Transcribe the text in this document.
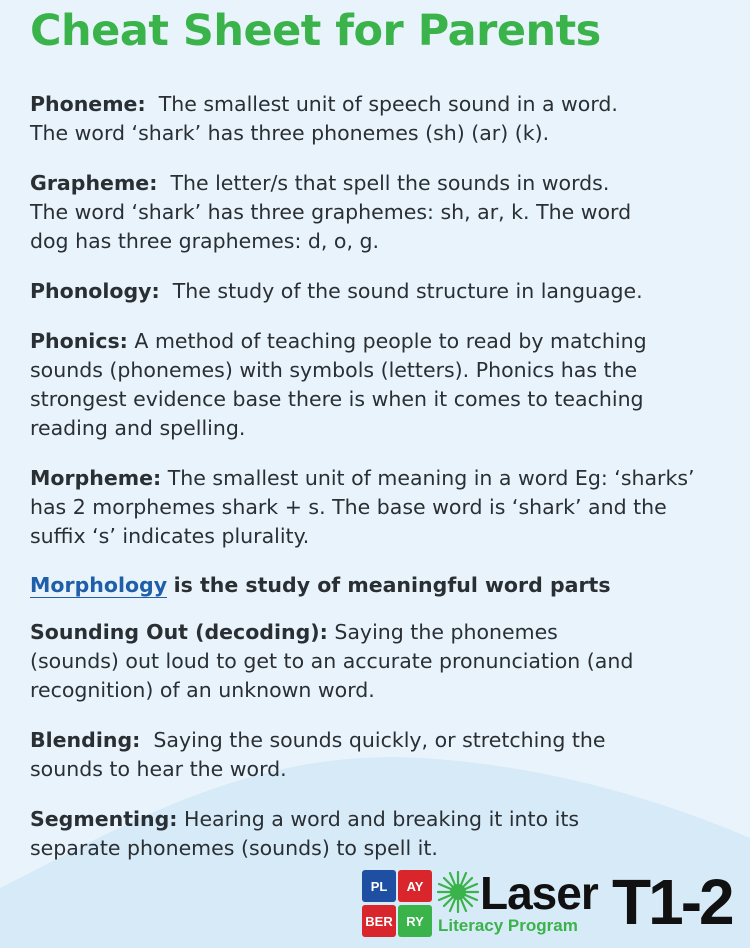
Cheat Sheet for Parents
Phoneme: The smallest unit of speech sound in a word.
The word ‘shark’ has three phonemes (sh) (ar) (k).
Grapheme: The letter/s that spell the sounds in words.
The word ‘shark’ has three graphemes: sh, ar, k. The word
dog has three graphemes: d, o, g.
Phonology: The study of the sound structure in language.
Phonics: A method of teaching people to read by matching
sounds (phonemes) with symbols (letters). Phonics has the
strongest evidence base there is when it comes to teaching
reading and spelling.
Morpheme: The smallest unit of meaning in a word Eg: ‘sharks’
has 2 morphemes shark + s. The base word is ‘shark’ and the
suffix ‘s’ indicates plurality.
Morphology is the study of meaningful word parts
Sounding Out (decoding): Saying the phonemes
(sounds) out loud to get to an accurate pronunciation (and
recognition) of an unknown word.
Blending: Saying the sounds quickly, or stretching the
sounds to hear the word.
Segmenting: Hearing a word and breaking it into its
separate phonemes (sounds) to spell it.
PL	AY
BER	RY
Laser
Literacy Program T1-2
